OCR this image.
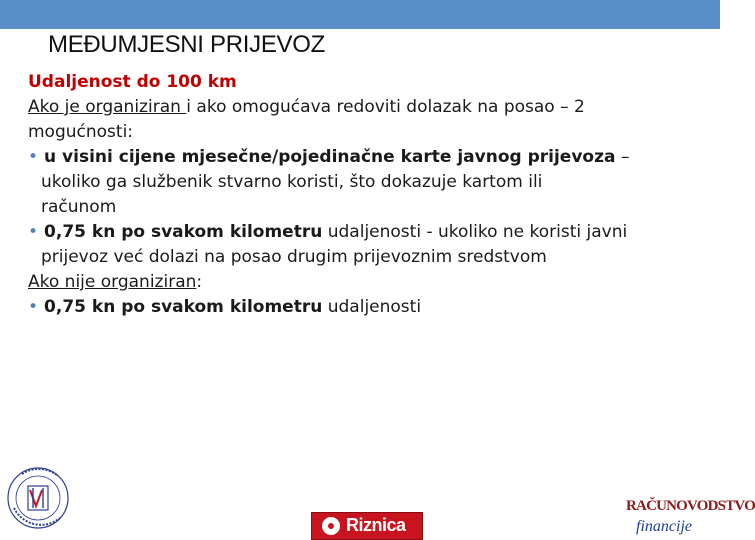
MEĐUMJESNI PRIJEVOZ
Udaljenost do 100 km
Ako je organiziran i ako omogućava redoviti dolazak na posao – 2
mogućnosti:
• u visini cijene mjesečne/pojedinačne karte javnog prijevoza –
ukoliko ga službenik stvarno koristi, što dokazuje kartom ili
računom
• 0,75 kn po svakom kilometru udaljenosti - ukoliko ne koristi javni
prijevoz već dolazi na posao drugim prijevoznim sredstvom
Ako nije organiziran:
• 0,75 kn po svakom kilometru udaljenosti
Riznica
RAČUNOVODSTVO
financije
